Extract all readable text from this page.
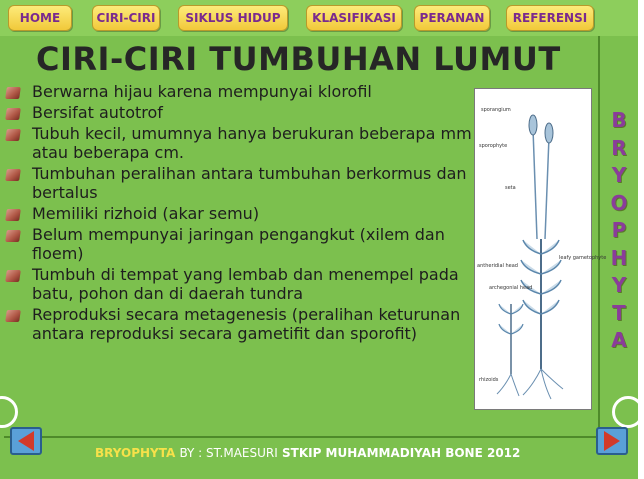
HOME	CIRI-CIRI	SIKLUS HIDUP	KLASIFIKASI	PERANAN	REFERENSI
CIRI-CIRI TUMBUHAN LUMUT
Berwarna hijau karena mempunyai klorofil
Bersifat autotrof
Tubuh kecil, umumnya hanya berukuran beberapa mm atau beberapa cm.
Tumbuhan peralihan antara tumbuhan berkormus dan bertalus
Memiliki rizhoid (akar semu)
Belum mempunyai jaringan pengangkut (xilem dan floem)
Tumbuh di tempat yang lembab dan menempel pada batu, pohon dan di daerah tundra
Reproduksi secara metagenesis (peralihan keturunan antara reproduksi secara gametifit dan sporofit)
sporangium
sporophyte
seta
antheridial head
archegonial head
leafy gametophyte
rhizoids
B
R
Y
O
P
H
Y
T
A
BRYOPHYTA BY : ST.MAESURI STKIP MUHAMMADIYAH BONE 2012
